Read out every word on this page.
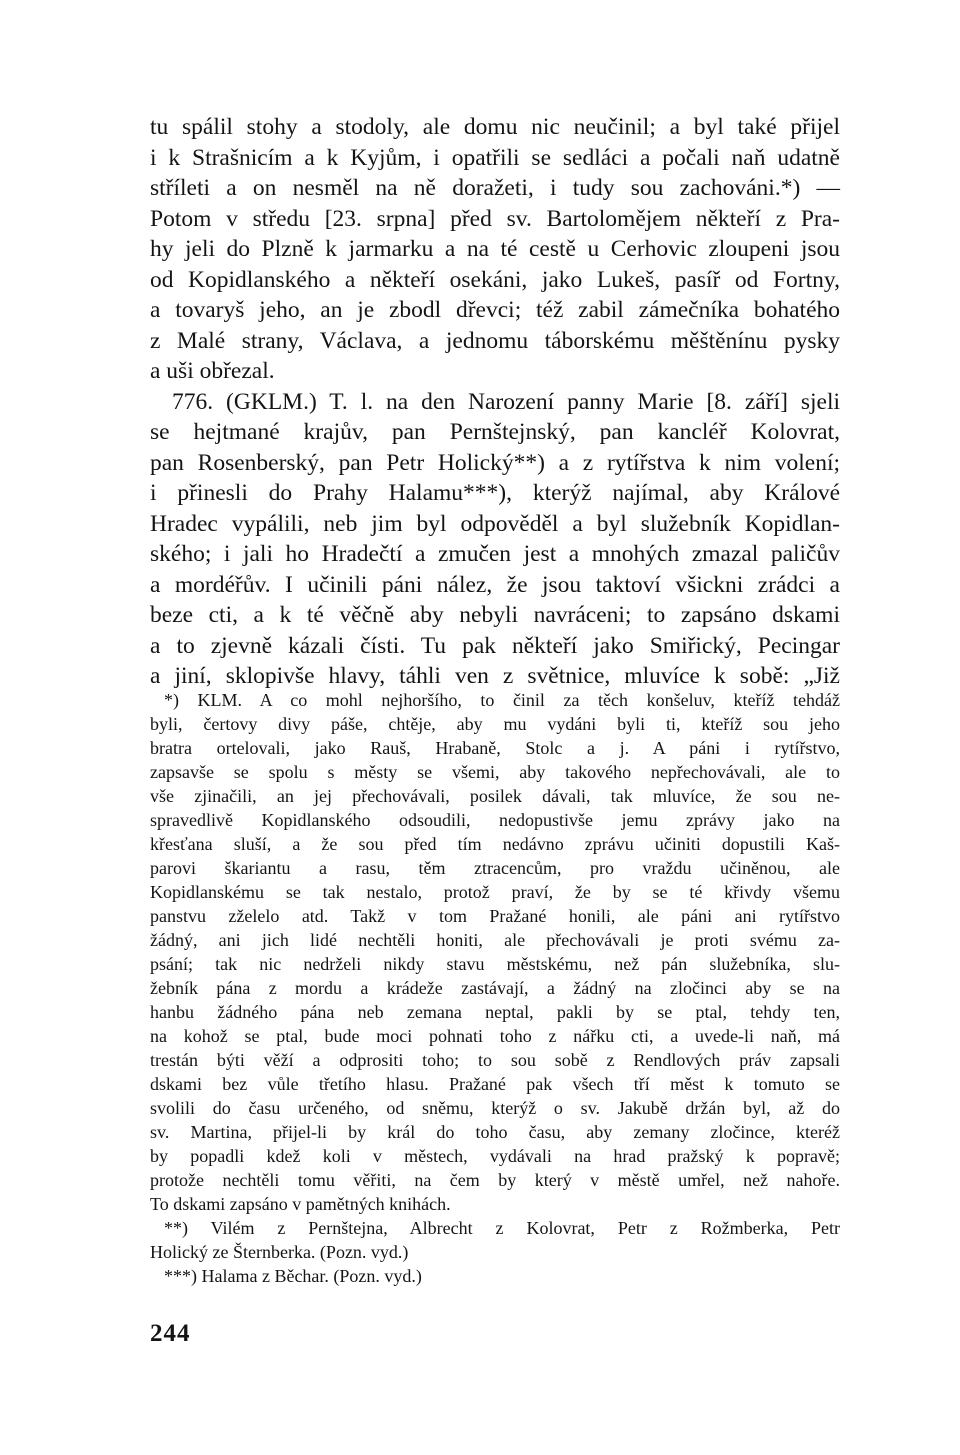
tu spálil stohy a stodoly, ale domu nic neučinil; a byl také přijel
i k Strašnicím a k Kyjům, i opatřili se sedláci a počali naň udatně
stříleti a on nesměl na ně doražeti, i tudy sou zachováni.*) —
Potom v středu [23. srpna] před sv. Bartolomějem někteří z Pra-
hy jeli do Plzně k jarmarku a na té cestě u Cerhovic zloupeni jsou
od Kopidlanského a někteří osekáni, jako Lukeš, pasíř od Fortny,
a tovaryš jeho, an je zbodl dřevci; též zabil zámečníka bohatého
z Malé strany, Václava, a jednomu táborskému měštěnínu pysky
a uši obřezal.
776. (GKLM.) T. l. na den Narození panny Marie [8. září] sjeli
se hejtmané krajův, pan Pernštejnský, pan kancléř Kolovrat,
pan Rosenberský, pan Petr Holický**) a z rytířstva k nim volení;
i přinesli do Prahy Halamu***), kterýž najímal, aby Králové
Hradec vypálili, neb jim byl odpověděl a byl služebník Kopidlan-
ského; i jali ho Hradečtí a zmučen jest a mnohých zmazal paličův
a mordéřův. I učinili páni nález, že jsou taktoví všickni zrádci a
beze cti, a k té věčně aby nebyli navráceni; to zapsáno dskami
a to zjevně kázali čísti. Tu pak někteří jako Smiřický, Pecingar
a jiní, sklopivše hlavy, táhli ven z světnice, mluvíce k sobě: „Již
*) KLM. A co mohl nejhoršího, to činil za těch konšeluv, kteříž tehdáž
byli, čertovy divy páše, chtěje, aby mu vydáni byli ti, kteříž sou jeho
bratra ortelovali, jako Rauš, Hrabaně, Stolc a j. A páni i rytířstvo,
zapsavše se spolu s městy se všemi, aby takového nepřechovávali, ale to
vše zjinačili, an jej přechovávali, posilek dávali, tak mluvíce, že sou ne-
spravedlivě Kopidlanského odsoudili, nedopustivše jemu zprávy jako na
křesťana sluší, a že sou před tím nedávno zprávu učiniti dopustili Kaš-
parovi škariantu a rasu, těm ztracencům, pro vraždu učiněnou, ale
Kopidlanskému se tak nestalo, protož praví, že by se té křivdy všemu
panstvu zželelo atd. Takž v tom Pražané honili, ale páni ani rytířstvo
žádný, ani jich lidé nechtěli honiti, ale přechovávali je proti svému za-
psání; tak nic nedrželi nikdy stavu městskému, než pán služebníka, slu-
žebník pána z mordu a krádeže zastávají, a žádný na zločinci aby se na
hanbu žádného pána neb zemana neptal, pakli by se ptal, tehdy ten,
na kohož se ptal, bude moci pohnati toho z nářku cti, a uvede-li naň, má
trestán býti věží a odprositi toho; to sou sobě z Rendlových práv zapsali
dskami bez vůle třetího hlasu. Pražané pak všech tří měst k tomuto se
svolili do času určeného, od sněmu, kterýž o sv. Jakubě držán byl, až do
sv. Martina, přijel-li by král do toho času, aby zemany zločince, kteréž
by popadli kdež koli v městech, vydávali na hrad pražský k popravě;
protože nechtěli tomu věřiti, na čem by který v městě umřel, než nahoře.
To dskami zapsáno v pamětných knihách.
**) Vilém z Pernštejna, Albrecht z Kolovrat, Petr z Rožmberka, Petr
Holický ze Šternberka. (Pozn. vyd.)
***) Halama z Běchar. (Pozn. vyd.)
244
